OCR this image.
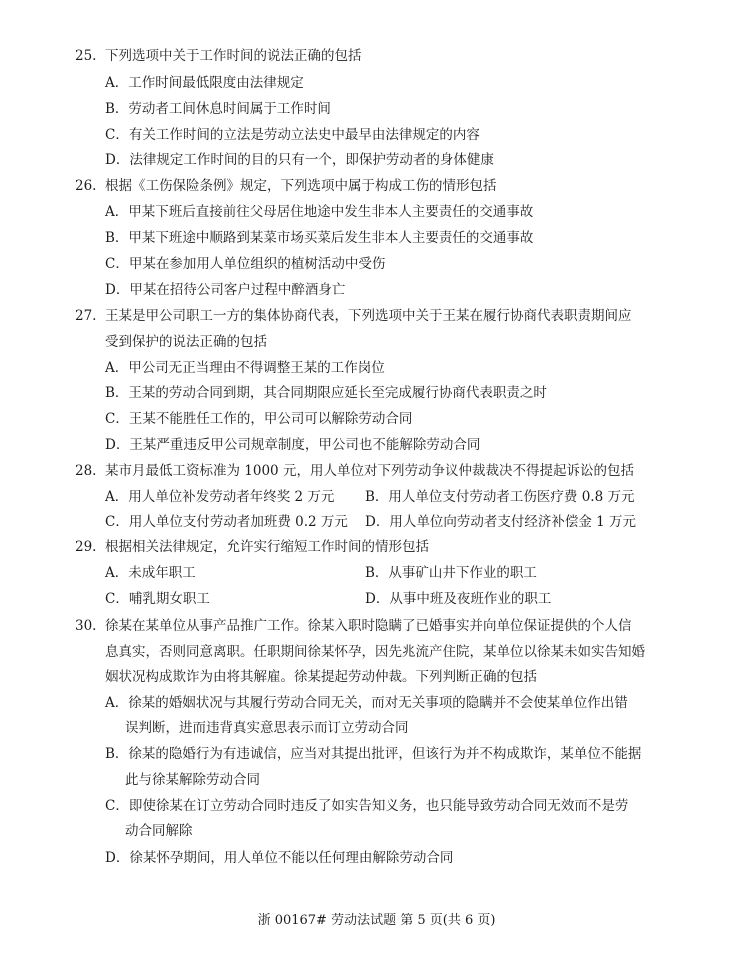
25. 下列选项中关于工作时间的说法正确的包括
A．工作时间最低限度由法律规定
B．劳动者工间休息时间属于工作时间
C．有关工作时间的立法是劳动立法史中最早由法律规定的内容
D．法律规定工作时间的目的只有一个，即保护劳动者的身体健康
26. 根据《工伤保险条例》规定，下列选项中属于构成工伤的情形包括
A．甲某下班后直接前往父母居住地途中发生非本人主要责任的交通事故
B．甲某下班途中顺路到某菜市场买菜后发生非本人主要责任的交通事故
C．甲某在参加用人单位组织的植树活动中受伤
D．甲某在招待公司客户过程中醉酒身亡
27. 王某是甲公司职工一方的集体协商代表，下列选项中关于王某在履行协商代表职责期间应
受到保护的说法正确的包括
A．甲公司无正当理由不得调整王某的工作岗位
B．王某的劳动合同到期，其合同期限应延长至完成履行协商代表职责之时
C．王某不能胜任工作的，甲公司可以解除劳动合同
D．王某严重违反甲公司规章制度，甲公司也不能解除劳动合同
28. 某市月最低工资标准为 1000 元，用人单位对下列劳动争议仲裁裁决不得提起诉讼的包括
A．用人单位补发劳动者年终奖 2 万元 B．用人单位支付劳动者工伤医疗费 0.8 万元
C．用人单位支付劳动者加班费 0.2 万元 D．用人单位向劳动者支付经济补偿金 1 万元
29. 根据相关法律规定，允许实行缩短工作时间的情形包括
A．未成年职工	B．从事矿山井下作业的职工
C．哺乳期女职工	D．从事中班及夜班作业的职工
30. 徐某在某单位从事产品推广工作。徐某入职时隐瞒了已婚事实并向单位保证提供的个人信
息真实，否则同意离职。任职期间徐某怀孕，因先兆流产住院，某单位以徐某未如实告知婚
姻状况构成欺诈为由将其解雇。徐某提起劳动仲裁。下列判断正确的包括
A．徐某的婚姻状况与其履行劳动合同无关，而对无关事项的隐瞒并不会使某单位作出错
误判断，进而违背真实意思表示而订立劳动合同
B．徐某的隐婚行为有违诚信，应当对其提出批评，但该行为并不构成欺诈，某单位不能据
此与徐某解除劳动合同
C．即使徐某在订立劳动合同时违反了如实告知义务，也只能导致劳动合同无效而不是劳
动合同解除
D．徐某怀孕期间，用人单位不能以任何理由解除劳动合同
浙 00167# 劳动法试题 第 5 页(共 6 页)
